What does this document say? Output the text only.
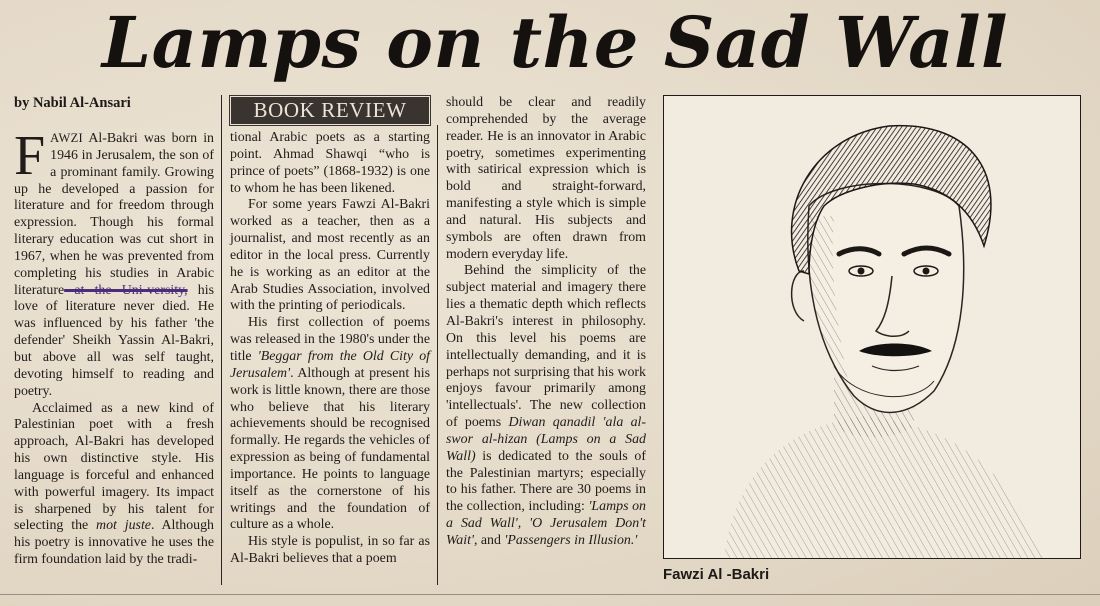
Lamps on the Sad Wall
by Nabil Al-Ansari	BOOK REVIEW

FAWZI Al-Bakri was born in 1946 in Jerusalem, the son of a prominant family. Growing up he developed a passion for literature and for freedom through expression. Though his formal literary education was cut short in 1967, when he was prevented from completing his studies in Arabic literature at the Uni-versity, his love of literature never died. He was influenced by his father 'the defender' Sheikh Yassin Al-Bakri, but above all was self taught, devoting himself to reading and poetry.

Acclaimed as a new kind of Palestinian poet with a fresh approach, Al-Bakri has developed his own distinctive style. His language is forceful and enhanced with powerful imagery. Its impact is sharpened by his talent for selecting the mot juste. Although his poetry is innovative he uses the firm foundation laid by the tradi-

tional Arabic poets as a starting point. Ahmad Shawqi “who is prince of poets” (1868-1932) is one to whom he has been likened.

For some years Fawzi Al-Bakri worked as a teacher, then as a journalist, and most recently as an editor in the local press. Currently he is working as an editor at the Arab Studies Association, involved with the printing of periodicals.

His first collection of poems was released in the 1980's under the title 'Beggar from the Old City of Jerusalem'. Although at present his work is little known, there are those who believe that his literary achievements should be recognised formally. He regards the vehicles of expression as being of fundamental importance. He points to language itself as the cornerstone of his writings and the foundation of culture as a whole.

His style is populist, in so far as Al-Bakri believes that a poem

should be clear and readily comprehended by the average reader. He is an innovator in Arabic poetry, sometimes experimenting with satirical expression which is bold and straight-forward, manifesting a style which is simple and natural. His subjects and symbols are often drawn from modern everyday life.

Behind the simplicity of the subject material and imagery there lies a thematic depth which reflects Al-Bakri's interest in philosophy. On this level his poems are intellectually demanding, and it is perhaps not surprising that his work enjoys favour primarily among 'intellectuals'. The new collection of poems Diwan qanadil 'ala al-swor al-hizan (Lamps on a Sad Wall) is dedicated to the souls of the Palestinian martyrs; especially to his father. There are 30 poems in the collection, including: 'Lamps on a Sad Wall', 'O Jerusalem Don't Wait', and 'Passengers in Illusion.'

Fawzi Al -Bakri
